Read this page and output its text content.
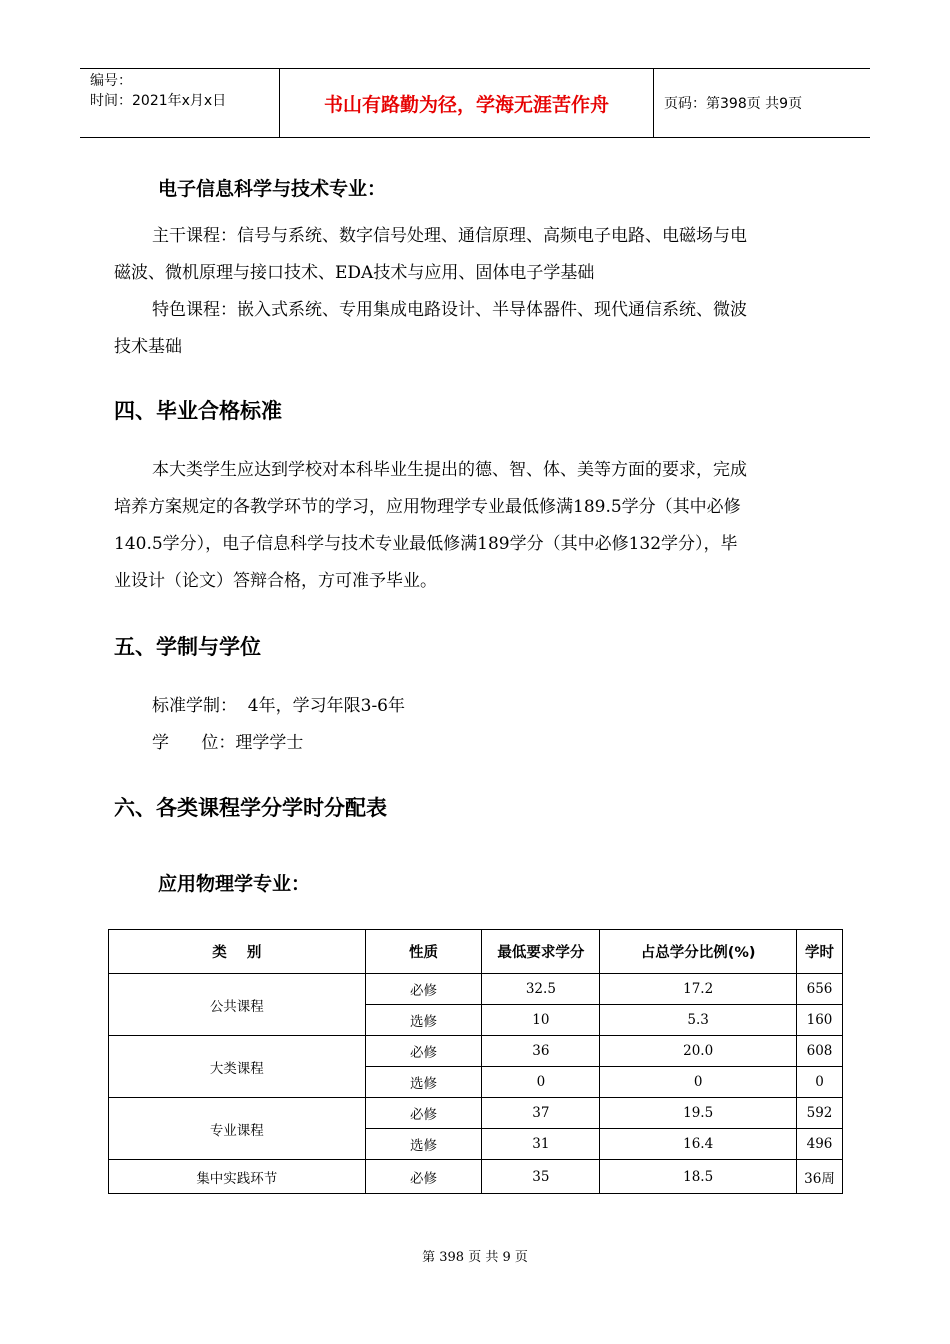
编号：
时间：2021年x月x日	书山有路勤为径，学海无涯苦作舟	页码：第398页 共9页
电子信息科学与技术专业：
主干课程：信号与系统、数字信号处理、通信原理、高频电子电路、电磁场与电
磁波、微机原理与接口技术、EDA技术与应用、固体电子学基础
特色课程：嵌入式系统、专用集成电路设计、半导体器件、现代通信系统、微波
技术基础
四、毕业合格标准
本大类学生应达到学校对本科毕业生提出的德、智、体、美等方面的要求，完成
培养方案规定的各教学环节的学习，应用物理学专业最低修满189.5学分（其中必修
140.5学分），电子信息科学与技术专业最低修满189学分（其中必修132学分），毕
业设计（论文）答辩合格，方可准予毕业。
五、学制与学位
标准学制：  4年，学习年限3-6年
学      位：理学学士
六、各类课程学分学时分配表
应用物理学专业：
类    别	性质	最低要求学分	占总学分比例(%)	学时
公共课程	必修	32.5	17.2	656
	选修	10	5.3	160
大类课程	必修	36	20.0	608
	选修	0	0	0
专业课程	必修	37	19.5	592
	选修	31	16.4	496
集中实践环节	必修	35	18.5	36周
第 398 页 共 9 页
